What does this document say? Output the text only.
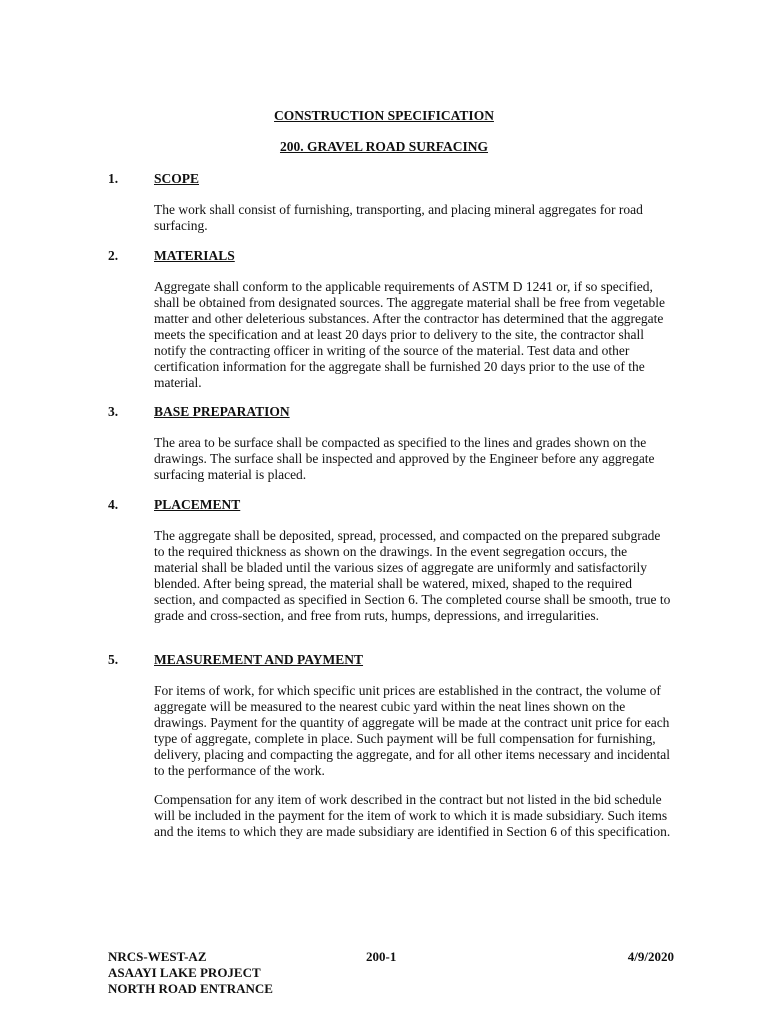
CONSTRUCTION SPECIFICATION
200. GRAVEL ROAD SURFACING
1.	SCOPE
The work shall consist of furnishing, transporting, and placing mineral aggregates for road surfacing.
2.	MATERIALS
Aggregate shall conform to the applicable requirements of ASTM D 1241 or, if so specified, shall be obtained from designated sources. The aggregate material shall be free from vegetable matter and other deleterious substances. After the contractor has determined that the aggregate meets the specification and at least 20 days prior to delivery to the site, the contractor shall notify the contracting officer in writing of the source of the material. Test data and other certification information for the aggregate shall be furnished 20 days prior to the use of the material.
3.	BASE PREPARATION
The area to be surface shall be compacted as specified to the lines and grades shown on the drawings. The surface shall be inspected and approved by the Engineer before any aggregate surfacing material is placed.
4.	PLACEMENT
The aggregate shall be deposited, spread, processed, and compacted on the prepared subgrade to the required thickness as shown on the drawings. In the event segregation occurs, the material shall be bladed until the various sizes of aggregate are uniformly and satisfactorily blended. After being spread, the material shall be watered, mixed, shaped to the required section, and compacted as specified in Section 6. The completed course shall be smooth, true to grade and cross-section, and free from ruts, humps, depressions, and irregularities.
5.	MEASUREMENT AND PAYMENT
For items of work, for which specific unit prices are established in the contract, the volume of aggregate will be measured to the nearest cubic yard within the neat lines shown on the drawings. Payment for the quantity of aggregate will be made at the contract unit price for each type of aggregate, complete in place. Such payment will be full compensation for furnishing, delivery, placing and compacting the aggregate, and for all other items necessary and incidental to the performance of the work.
Compensation for any item of work described in the contract but not listed in the bid schedule will be included in the payment for the item of work to which it is made subsidiary. Such items and the items to which they are made subsidiary are identified in Section 6 of this specification.
NRCS-WEST-AZ
ASAAYI LAKE PROJECT
NORTH ROAD ENTRANCE
200-1	4/9/2020
